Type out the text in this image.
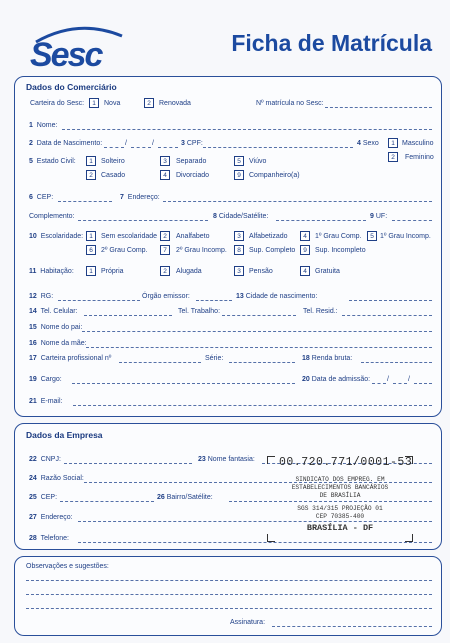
Sesc	Ficha de Matrícula
Dados do Comerciário
Carteira do Sesc:	1	Nova	2	Renovada	Nº matrícula no Sesc:
1 Nome:
2 Data de Nascimento:	/	/	3 CPF:	4 Sexo	1	Masculino
2	Feminino
5 Estado Civil:	1	Solteiro	3	Separado	5	Viúvo
2	Casado	4	Divorciado	9	Companheiro(a)
6 CEP:	7 Endereço:
Complemento:	8 Cidade/Satélite:	9 UF:
10 Escolaridade: 1	Sem escolaridade 2	Analfabeto	3	Alfabetizado	4	1º Grau Comp.	5 1º Grau Incomp.
6	2º Grau Comp.	7	2º Grau Incomp.	8	Sup. Completo	9	Sup. Incompleto
11 Habitação:	1	Própria	2	Alugada	3	Pensão	4	Gratuita
12 RG:	Órgão emissor:	13 Cidade de nascimento:
14 Tel. Celular:	Tel. Trabalho:	Tel. Resid.:
15 Nome do pai:
16 Nome da mãe:
17 Carteira profissional nº	Série:	18 Renda bruta:
19 Cargo:	20 Data de admissão: /	/
21 E-mail:
Dados da Empresa
22 CNPJ:	23 Nome fantasia:
24 Razão Social:
25 CEP:	26 Bairro/Satélite:
27 Endereço:
28 Telefone:
00.720.771/0001-53
SINDICATO DOS EMPREG. EM
ESTABELECIMENTOS BANCÁRIOS
DE BRASÍLIA
SGS 314/315 PROJEÇÃO 01
CEP 70385-400
BRASÍLIA - DF
Observações e sugestões:
Assinatura:
